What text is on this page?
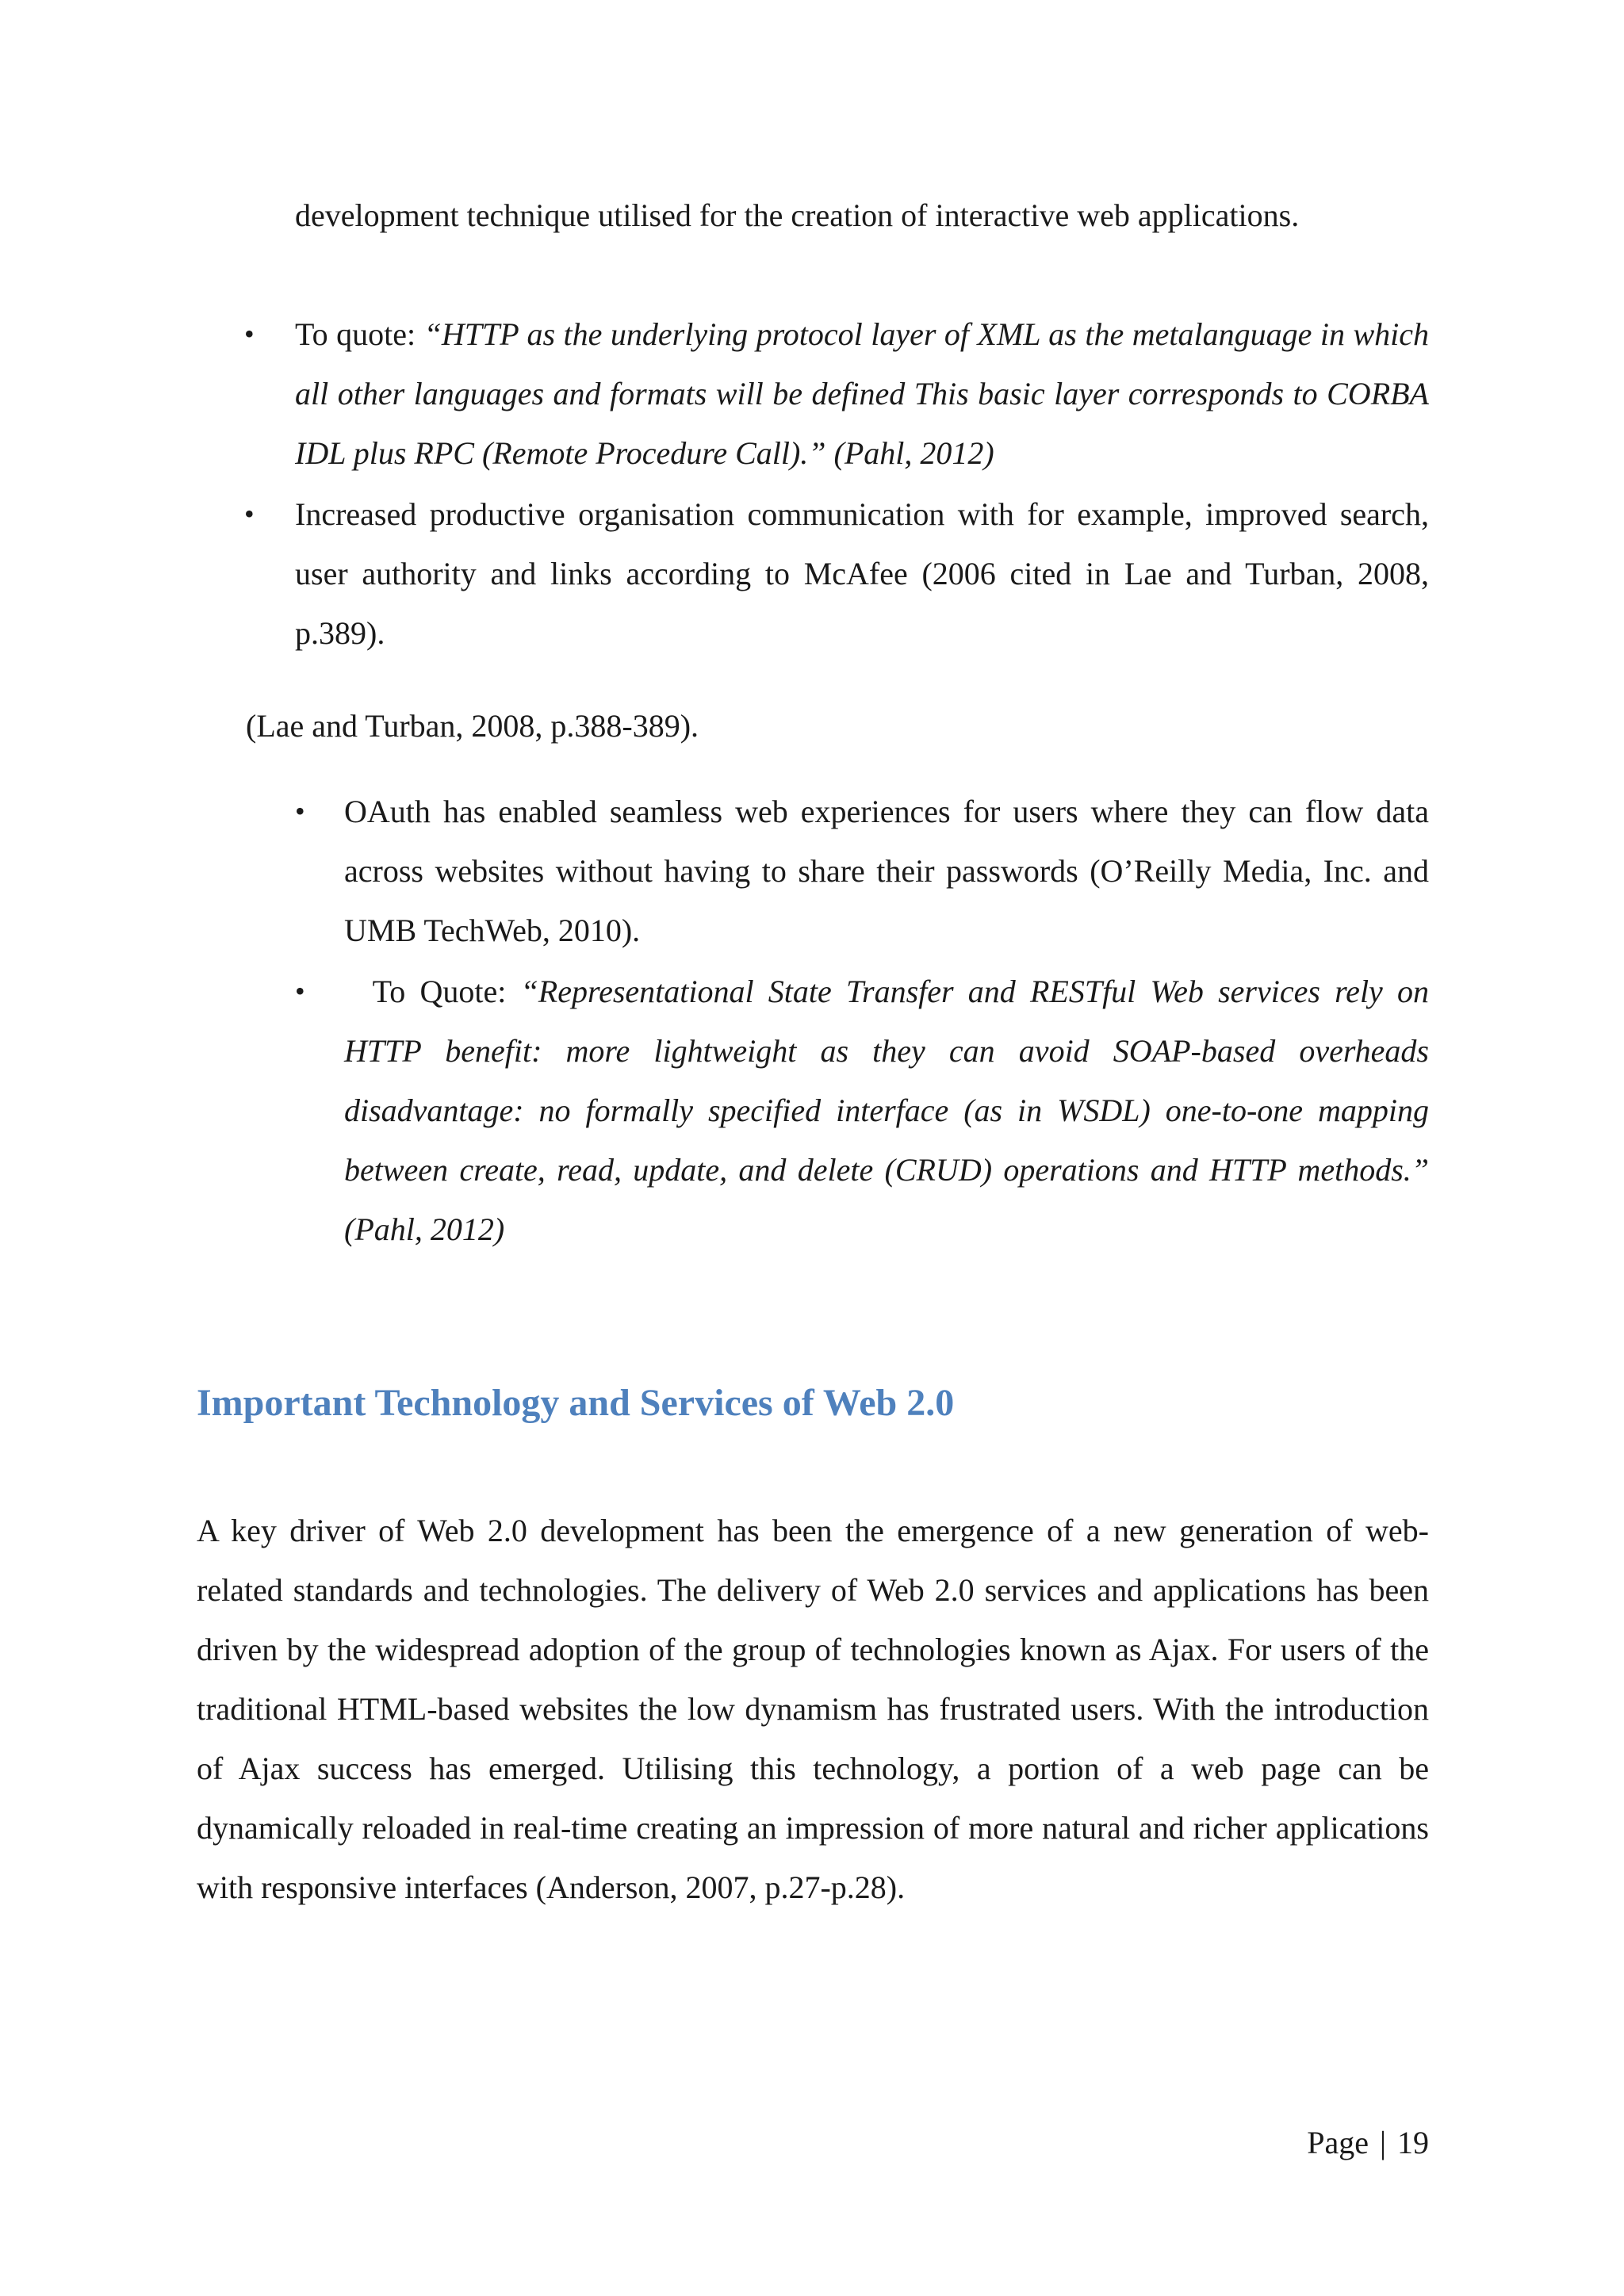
development technique utilised for the creation of interactive web applications.

• To quote: “HTTP as the underlying protocol layer of XML as the metalanguage in which all other languages and formats will be defined This basic layer corresponds to CORBA IDL plus RPC (Remote Procedure Call).” (Pahl, 2012)
• Increased productive organisation communication with for example, improved search, user authority and links according to McAfee (2006 cited in Lae and Turban, 2008, p.389).

(Lae and Turban, 2008, p.388-389).

• OAuth has enabled seamless web experiences for users where they can flow data across websites without having to share their passwords (O’Reilly Media, Inc. and UMB TechWeb, 2010).
• To Quote: “Representational State Transfer and RESTful Web services rely on HTTP benefit: more lightweight as they can avoid SOAP-based overheads disadvantage: no formally specified interface (as in WSDL) one-to-one mapping between create, read, update, and delete (CRUD) operations and HTTP methods.” (Pahl, 2012)
Important Technology and Services of Web 2.0

A key driver of Web 2.0 development has been the emergence of a new generation of web- related standards and technologies. The delivery of Web 2.0 services and applications has been driven by the widespread adoption of the group of technologies known as Ajax. For users of the traditional HTML-based websites the low dynamism has frustrated users. With the introduction of Ajax success has emerged. Utilising this technology, a portion of a web page can be dynamically reloaded in real-time creating an impression of more natural and richer applications with responsive interfaces (Anderson, 2007, p.27-p.28).

Page | 19
